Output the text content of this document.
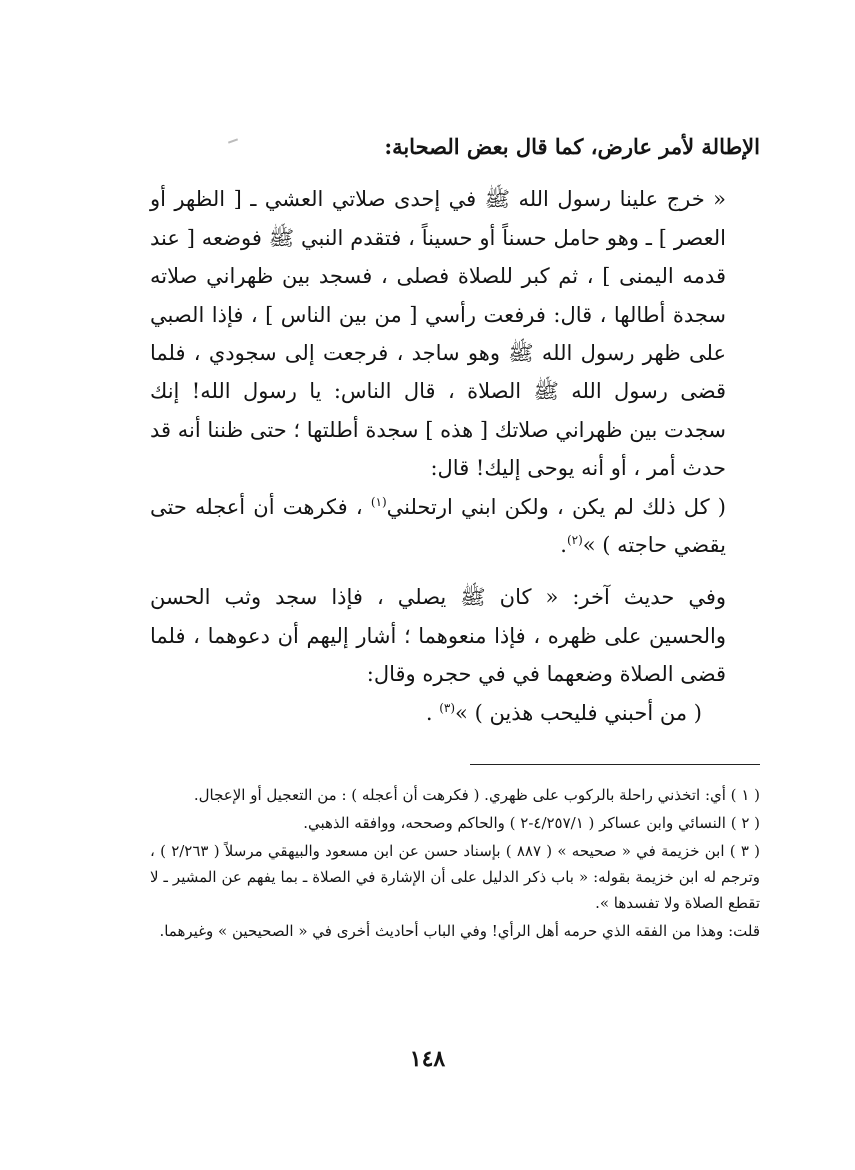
الإطالة لأمر عارض، كما قال بعض الصحابة:

« خرج علينا رسول الله ﷺ في إحدى صلاتي العشي ـ [ الظهر أو العصر ] ـ وهو حامل حسناً أو حسيناً ، فتقدم النبي ﷺ فوضعه [ عند قدمه اليمنى ] ، ثم كبر للصلاة فصلى ، فسجد بين ظهراني صلاته سجدة أطالها ، قال: فرفعت رأسي [ من بين الناس ] ، فإذا الصبي على ظهر رسول الله ﷺ وهو ساجد ، فرجعت إلى سجودي ، فلما قضى رسول الله ﷺ الصلاة ، قال الناس: يا رسول الله! إنك سجدت بين ظهراني صلاتك [ هذه ] سجدة أطلتها ؛ حتى ظننا أنه قد حدث أمر ، أو أنه يوحى إليك! قال:

( كل ذلك لم يكن ، ولكن ابني ارتحلني$^{(١)}$ ، فكرهت أن أعجله حتى يقضي حاجته ) »$^{(٢)}$.

وفي حديث آخر: « كان ﷺ يصلي ، فإذا سجد وثب الحسن والحسين على ظهره ، فإذا منعوهما ؛ أشار إليهم أن دعوهما ، فلما قضى الصلاة وضعهما في في حجره وقال:

( من أحبني فليحب هذين ) »$^{(٣)}$ .

( ١ ) أي: اتخذني راحلة بالركوب على ظهري. ( فكرهت أن أعجله ) : من التعجيل أو الإعجال.

( ٢ ) النسائي وابن عساكر ( ٤/٢٥٧/١-٢ ) والحاكم وصححه، ووافقه الذهبي.

( ٣ ) ابن خزيمة في « صحيحه » ( ٨٨٧ ) بإسناد حسن عن ابن مسعود والبيهقي مرسلاً ( ٢/٢٦٣ ) ، وترجم له ابن خزيمة بقوله: « باب ذكر الدليل على أن الإشارة في الصلاة ـ بما يفهم عن المشير ـ لا تقطع الصلاة ولا تفسدها ».

قلت: وهذا من الفقه الذي حرمه أهل الرأي! وفي الباب أحاديث أخرى في « الصحيحين » وغيرهما.

١٤٨
